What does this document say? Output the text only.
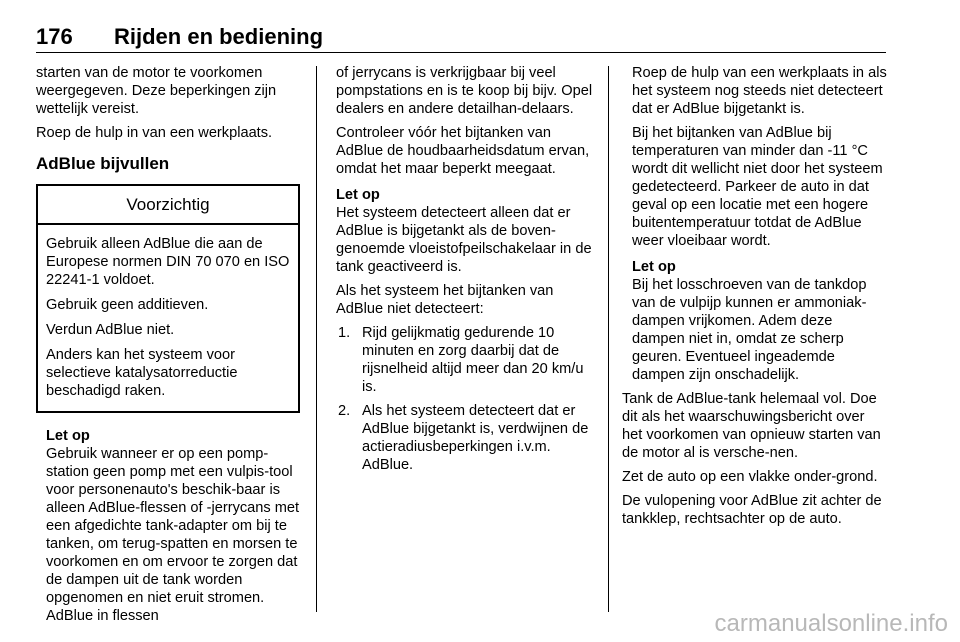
176 Rijden en bediening

starten van de motor te voorkomen weergegeven. Deze beperkingen zijn wettelijk vereist.

Roep de hulp in van een werkplaats.

AdBlue bijvullen
Voorzichtig

Gebruik alleen AdBlue die aan de Europese normen DIN 70 070 en ISO 22241-1 voldoet.

Gebruik geen additieven.

Verdun AdBlue niet.

Anders kan het systeem voor selectieve katalysatorreductie beschadigd raken.

Let op
Gebruik wanneer er op een pomp-station geen pomp met een vulpis-tool voor personenauto's beschik-baar is alleen AdBlue-flessen of -jerrycans met een afgedichte tank-adapter om bij te tanken, om terug-spatten en morsen te voorkomen en om ervoor te zorgen dat de dampen uit de tank worden opgenomen en niet eruit stromen. AdBlue in flessen

of jerrycans is verkrijgbaar bij veel pompstations en is te koop bij bijv. Opel dealers en andere detailhan-delaars.

Controleer vóór het bijtanken van AdBlue de houdbaarheidsdatum ervan, omdat het maar beperkt meegaat.

Let op
Het systeem detecteert alleen dat er AdBlue is bijgetankt als de boven-genoemde vloeistofpeilschakelaar in de tank geactiveerd is.

Als het systeem het bijtanken van AdBlue niet detecteert:

1. Rijd gelijkmatig gedurende 10 minuten en zorg daarbij dat de rijsnelheid altijd meer dan 20 km/u is.
2. Als het systeem detecteert dat er AdBlue bijgetankt is, verdwijnen de actieradiusbeperkingen i.v.m. AdBlue.

Roep de hulp van een werkplaats in als het systeem nog steeds niet detecteert dat er AdBlue bijgetankt is.

Bij het bijtanken van AdBlue bij temperaturen van minder dan -11 °C wordt dit wellicht niet door het systeem gedetecteerd. Parkeer de auto in dat geval op een locatie met een hogere buitentemperatuur totdat de AdBlue weer vloeibaar wordt.

Let op
Bij het losschroeven van de tankdop van de vulpijp kunnen er ammoniak-dampen vrijkomen. Adem deze dampen niet in, omdat ze scherp geuren. Eventueel ingeademde dampen zijn onschadelijk.

Tank de AdBlue-tank helemaal vol. Doe dit als het waarschuwingsbericht over het voorkomen van opnieuw starten van de motor al is versche-nen.

Zet de auto op een vlakke onder-grond.

De vulopening voor AdBlue zit achter de tankklep, rechtsachter op de auto.

carmanualsonline.info
